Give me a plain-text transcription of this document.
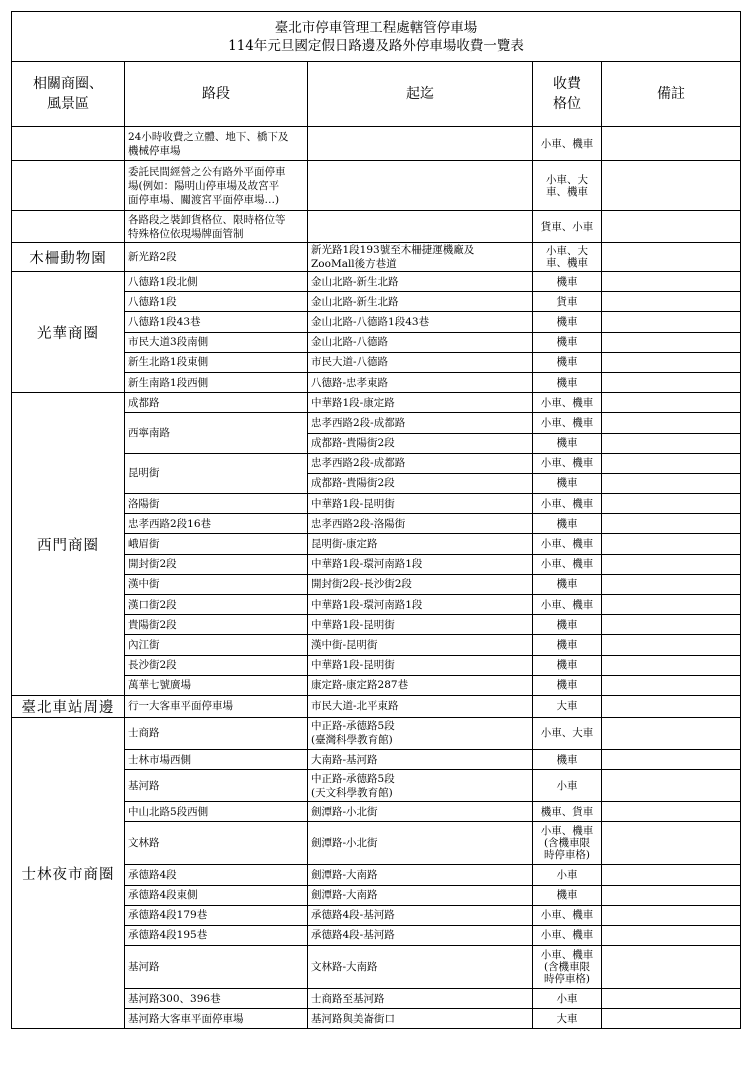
臺北市停車管理工程處轄管停車場
114年元旦國定假日路邊及路外停車場收費一覽表				

相關商圈、
風景區	路段	起迄	收費
格位	備註

	24小時收費之立體、地下、橋下及
機械停車場		小車、機車	

	委託民間經營之公有路外平面停車
場(例如：陽明山停車場及故宮平
面停車場、關渡宮平面停車場…)		小車、大
車、機車	

	各路段之裝卸貨格位、限時格位等
特殊格位依現場牌面管制		貨車、小車	

木柵動物園	新光路2段	新光路1段193號至木柵捷運機廠及
ZooMall後方巷道	小車、大
車、機車	

光華商圈	八德路1段北側	金山北路-新生北路	機車	

	八德路1段	金山北路-新生北路	貨車	

	八德路1段43巷	金山北路-八德路1段43巷	機車	

	市民大道3段南側	金山北路-八德路	機車	

	新生北路1段東側	市民大道-八德路	機車	

	新生南路1段西側	八德路-忠孝東路	機車	

西門商圈	成都路	中華路1段-康定路	小車、機車	

	西寧南路	忠孝西路2段-成都路	小車、機車	

		成都路-貴陽街2段	機車	

	昆明街	忠孝西路2段-成都路	小車、機車	

		成都路-貴陽街2段	機車	

	洛陽街	中華路1段-昆明街	小車、機車	

	忠孝西路2段16巷	忠孝西路2段-洛陽街	機車	

	峨眉街	昆明街-康定路	小車、機車	

	開封街2段	中華路1段-環河南路1段	小車、機車	

	漢中街	開封街2段-長沙街2段	機車	

	漢口街2段	中華路1段-環河南路1段	小車、機車	

	貴陽街2段	中華路1段-昆明街	機車	

	內江街	漢中街-昆明街	機車	

	長沙街2段	中華路1段-昆明街	機車	

	萬華七號廣場	康定路-康定路287巷	機車	

臺北車站周邊	行一大客車平面停車場	市民大道-北平東路	大車	

士林夜市商圈	士商路	中正路-承德路5段
(臺灣科學教育館)	小車、大車	

	士林市場西側	大南路-基河路	機車	

	基河路	中正路-承德路5段
(天文科學教育館)	小車	

	中山北路5段西側	劍潭路-小北街	機車、貨車	

	文林路	劍潭路-小北街	小車、機車
(含機車限
時停車格)	

	承德路4段	劍潭路-大南路	小車	

	承德路4段東側	劍潭路-大南路	機車	

	承德路4段179巷	承德路4段-基河路	小車、機車	

	承德路4段195巷	承德路4段-基河路	小車、機車	

	基河路	文林路-大南路	小車、機車
(含機車限
時停車格)	

	基河路300、396巷	士商路至基河路	小車	

	基河路大客車平面停車場	基河路與美崙街口	大車	
